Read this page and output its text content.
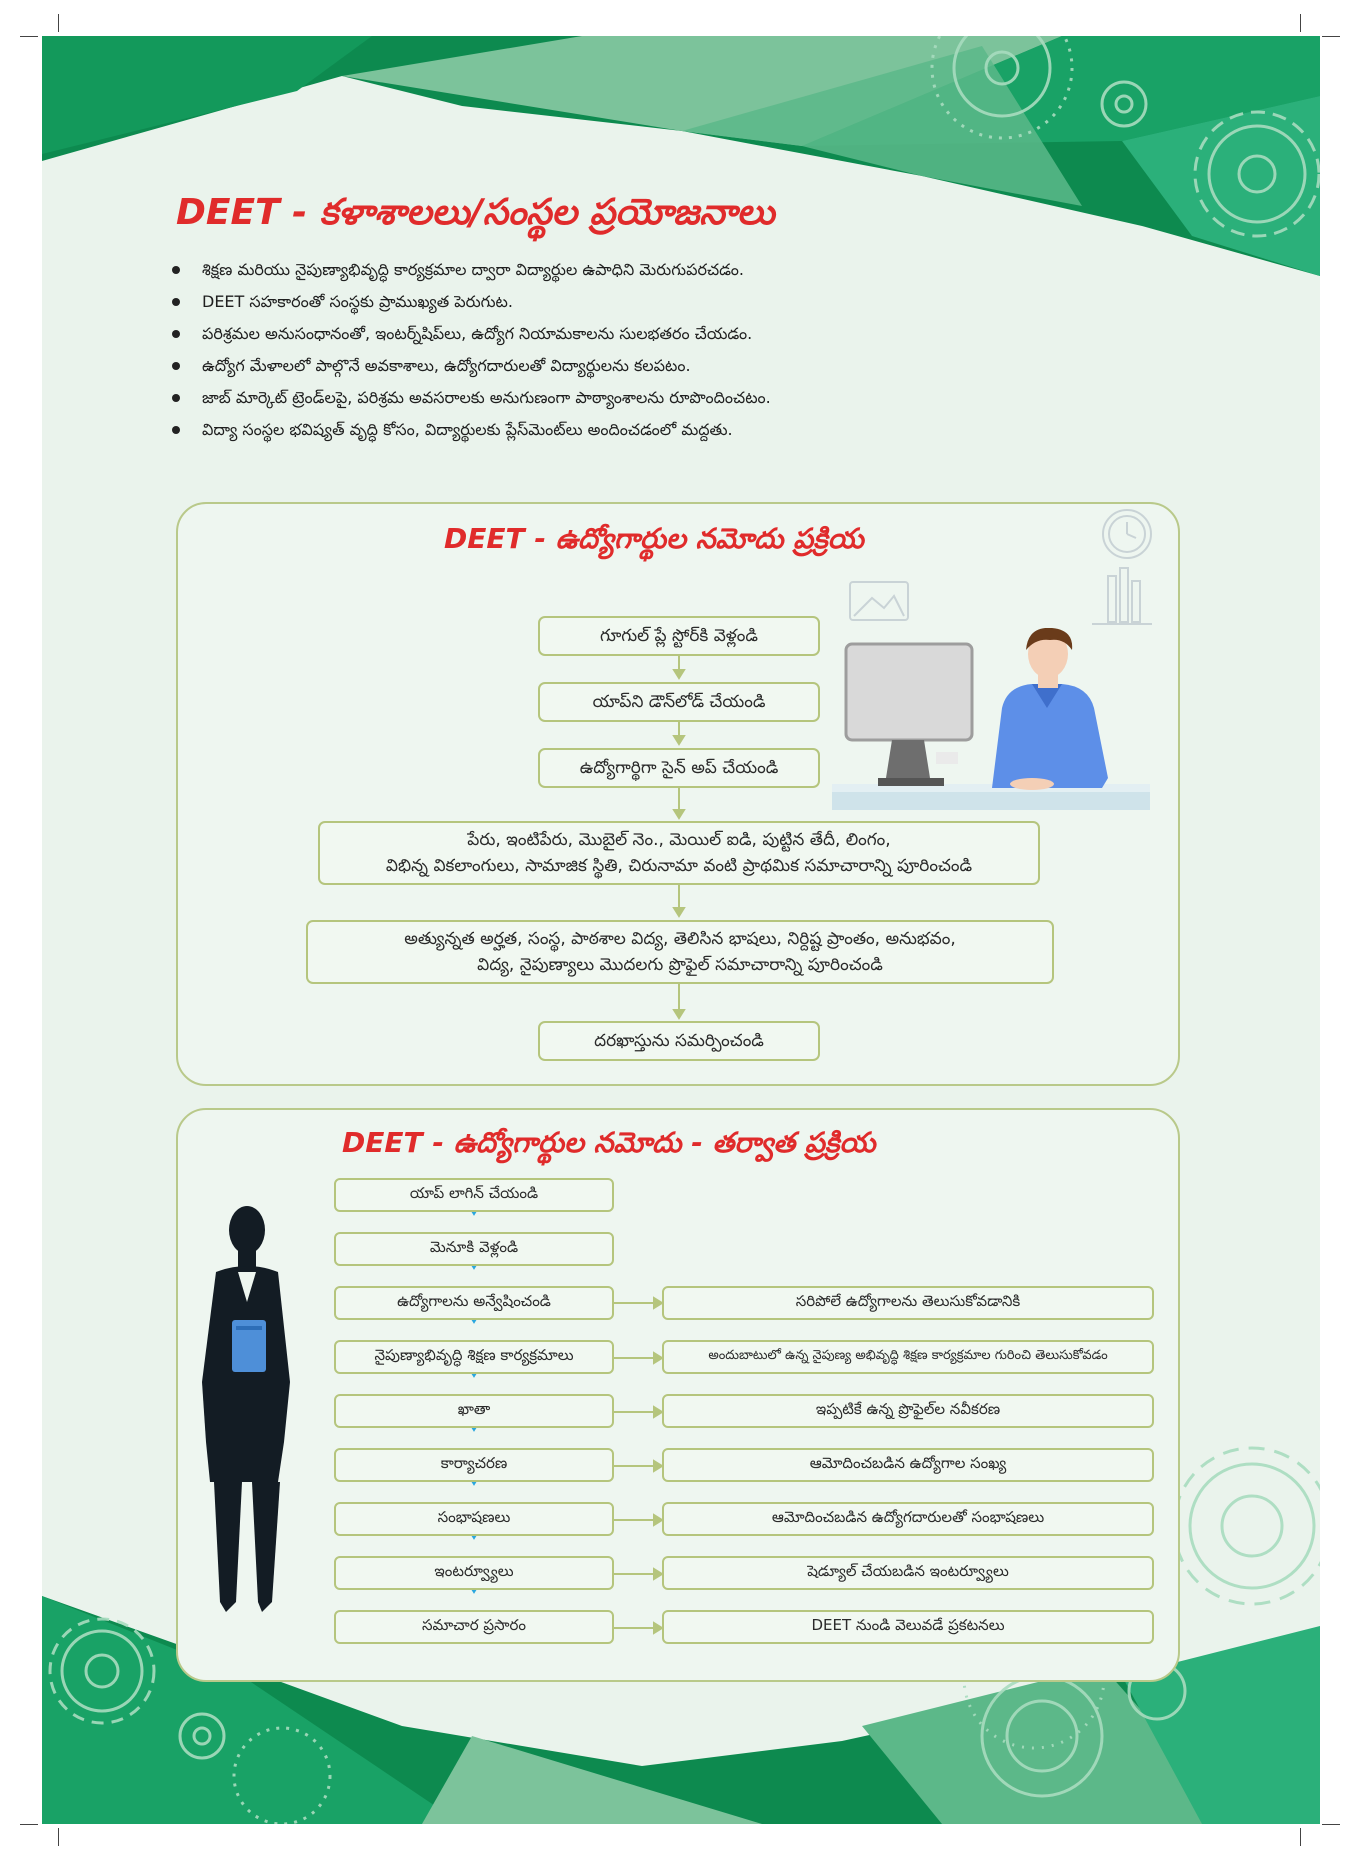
DEET - కళాశాలలు/సంస్థల ప్రయోజనాలు
శిక్షణ మరియు నైపుణ్యాభివృద్ధి కార్యక్రమాల ద్వారా విద్యార్థుల ఉపాధిని మెరుగుపరచడం.
DEET సహకారంతో సంస్థకు ప్రాముఖ్యత పెరుగుట.
పరిశ్రమల అనుసంధానంతో, ఇంటర్న్‌షిప్‌లు, ఉద్యోగ నియామకాలను సులభతరం చేయడం.
ఉద్యోగ మేళాలలో పాల్గొనే అవకాశాలు, ఉద్యోగదారులతో విద్యార్థులను కలపటం.
జాబ్ మార్కెట్ ట్రెండ్‌లపై, పరిశ్రమ అవసరాలకు అనుగుణంగా పాఠ్యాంశాలను రూపొందించటం.
విద్యా సంస్థల భవిష్యత్ వృద్ధి కోసం, విద్యార్థులకు ప్లేస్‌మెంట్‌లు అందించడంలో మద్దతు.
DEET - ఉద్యోగార్థుల నమోదు ప్రక్రియ
గూగుల్ ప్లే స్టోర్‌కి వెళ్లండి
యాప్‌ని డౌన్‌లోడ్ చేయండి
ఉద్యోగార్థిగా సైన్ అప్ చేయండి
పేరు, ఇంటిపేరు, మొబైల్ నెం., మెయిల్ ఐడి, పుట్టిన తేదీ, లింగం,
విభిన్న వికలాంగులు, సామాజిక స్థితి, చిరునామా వంటి ప్రాథమిక సమాచారాన్ని పూరించండి
అత్యున్నత అర్హత, సంస్థ, పాఠశాల విద్య, తెలిసిన భాషలు, నిర్దిష్ట ప్రాంతం, అనుభవం,
విద్య, నైపుణ్యాలు మొదలగు ప్రొఫైల్ సమాచారాన్ని పూరించండి
దరఖాస్తును సమర్పించండి
DEET - ఉద్యోగార్థుల నమోదు - తర్వాత ప్రక్రియ
యాప్ లాగిన్ చేయండి
మెనూకి వెళ్లండి
ఉద్యోగాలను అన్వేషించండి
నైపుణ్యాభివృద్ధి శిక్షణ కార్యక్రమాలు
ఖాతా
కార్యాచరణ
సంభాషణలు
ఇంటర్వ్యూలు
సమాచార ప్రసారం
సరిపోలే ఉద్యోగాలను తెలుసుకోవడానికి
అందుబాటులో ఉన్న నైపుణ్య అభివృద్ధి శిక్షణ కార్యక్రమాల గురించి తెలుసుకోవడం
ఇప్పటికే ఉన్న ప్రొఫైల్‌ల నవీకరణ
ఆమోదించబడిన ఉద్యోగాల సంఖ్య
ఆమోదించబడిన ఉద్యోగదారులతో సంభాషణలు
షెడ్యూల్ చేయబడిన ఇంటర్వ్యూలు
DEET నుండి వెలువడే ప్రకటనలు
